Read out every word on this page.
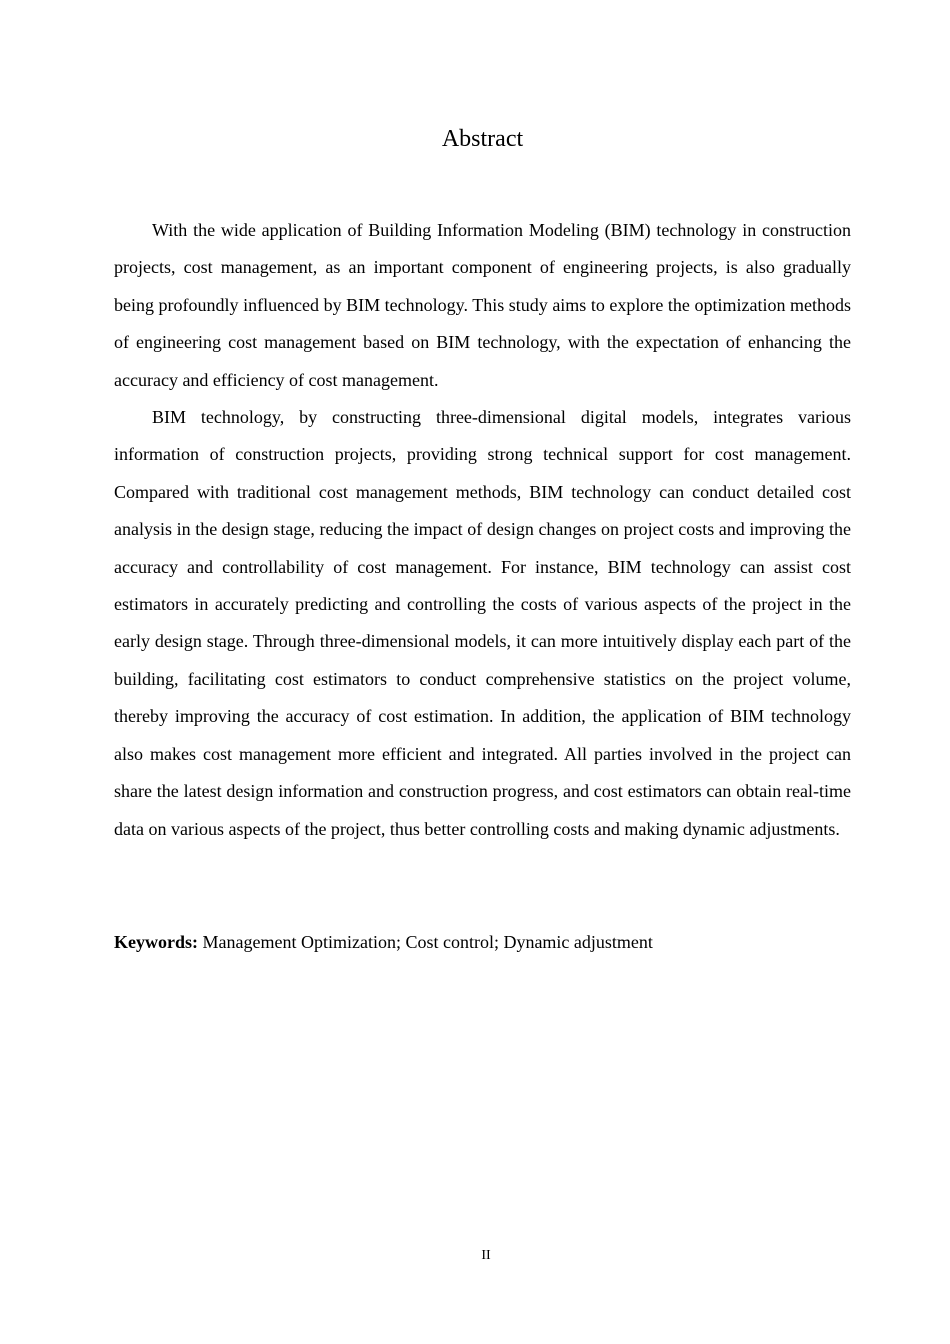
Abstract

With the wide application of Building Information Modeling (BIM) technology in construction projects, cost management, as an important component of engineering projects, is also gradually being profoundly influenced by BIM technology. This study aims to explore the optimization methods of engineering cost management based on BIM technology, with the expectation of enhancing the accuracy and efficiency of cost management.

BIM technology, by constructing three-dimensional digital models, integrates various information of construction projects, providing strong technical support for cost management. Compared with traditional cost management methods, BIM technology can conduct detailed cost analysis in the design stage, reducing the impact of design changes on project costs and improving the accuracy and controllability of cost management. For instance, BIM technology can assist cost estimators in accurately predicting and controlling the costs of various aspects of the project in the early design stage. Through three-dimensional models, it can more intuitively display each part of the building, facilitating cost estimators to conduct comprehensive statistics on the project volume, thereby improving the accuracy of cost estimation. In addition, the application of BIM technology also makes cost management more efficient and integrated. All parties involved in the project can share the latest design information and construction progress, and cost estimators can obtain real-time data on various aspects of the project, thus better controlling costs and making dynamic adjustments.

Keywords: Management Optimization; Cost control; Dynamic adjustment
II
